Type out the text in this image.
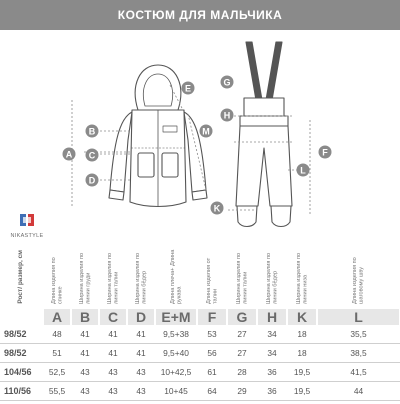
КОСТЮМ ДЛЯ МАЛЬЧИКА
A
B
C
D
E
M
G
H
F
L
K
NIKASTYLE
Рост/ размер, см	Длина изделия по спинке	Ширина изделия по линии груди	Ширина изделия по линии талии	Ширина изделия по линии бёдер	Длина плеча+ Длина рукава	Длина изделия от талии	Ширина изделия по линии талии	Ширина изделия по линии бёдер	Ширина изделия по линии низа	Длина изделия по шаговому шву
	A	B	C	D	E+M	F	G	H	K	L
98/52	48	41	41	41	9,5+38	53	27	34	18	35,5
98/52	51	41	41	41	9,5+40	56	27	34	18	38,5
104/56	52,5	43	43	43	10+42,5	61	28	36	19,5	41,5
110/56	55,5	43	43	43	10+45	64	29	36	19,5	44
